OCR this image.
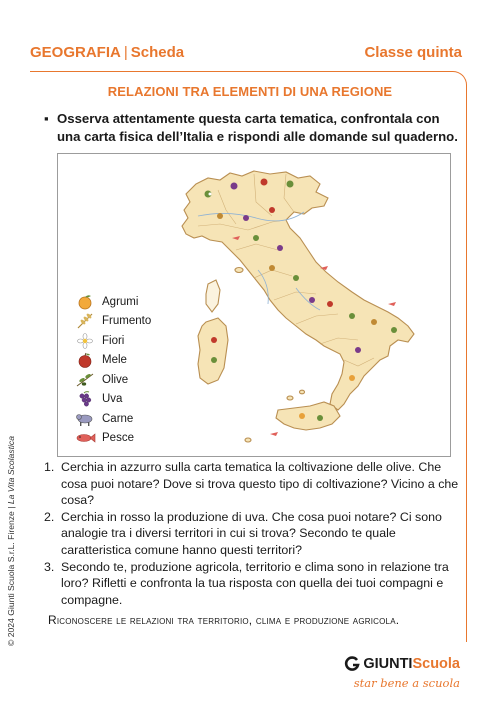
GEOGRAFIA | Scheda	Classe quinta
RELAZIONI TRA ELEMENTI DI UNA REGIONE
▪ Osserva attentamente questa carta tematica, confrontala con una carta fisica dell’Italia e rispondi alle domande sul quaderno.
Agrumi
Frumento
Fiori
Mele
Olive
Uva
Carne
Pesce
1. Cerchia in azzurro sulla carta tematica la coltivazione delle olive. Che cosa puoi notare? Dove si trova questo tipo di coltivazione? Vicino a che cosa?
2. Cerchia in rosso la produzione di uva. Che cosa puoi notare? Ci sono analogie tra i diversi territori in cui si trova? Secondo te quale caratteristica comune hanno questi territori?
3. Secondo te, produzione agricola, territorio e clima sono in relazione tra loro? Rifletti e confronta la tua risposta con quella dei tuoi compagni e compagne.
Riconoscere le relazioni tra territorio, clima e produzione agricola.
© 2024 Giunti Scuola S.r.L. Firenze | La Vita Scolastica
GIUNTI Scuola
star bene a scuola
